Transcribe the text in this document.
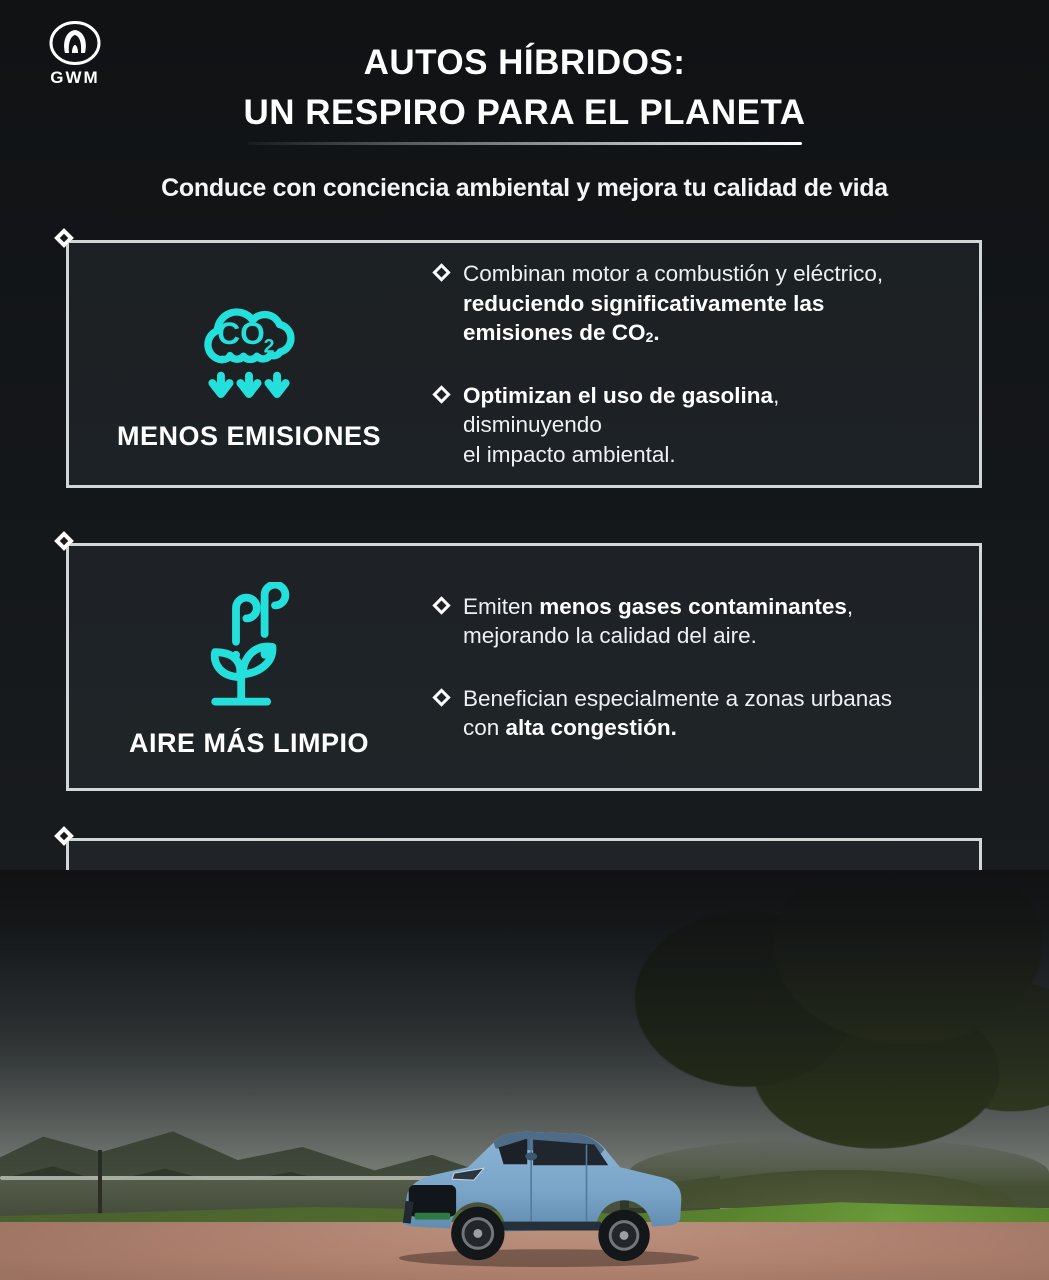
GWM	AUTOS HÍBRIDOS:
UN RESPIRO PARA EL PLANETA
Conduce con conciencia ambiental y mejora tu calidad de vida
CO
2
MENOS EMISIONES

Combinan motor a combustión y eléctrico,
reduciendo significativamente las
emisiones de $CO_2$.

Optimizan el uso de gasolina, disminuyendo
el impacto ambiental.

AIRE MÁS LIMPIO

Emiten menos gases contaminantes,
mejorando la calidad del aire.

Benefician especialmente a zonas urbanas
con alta congestión.
